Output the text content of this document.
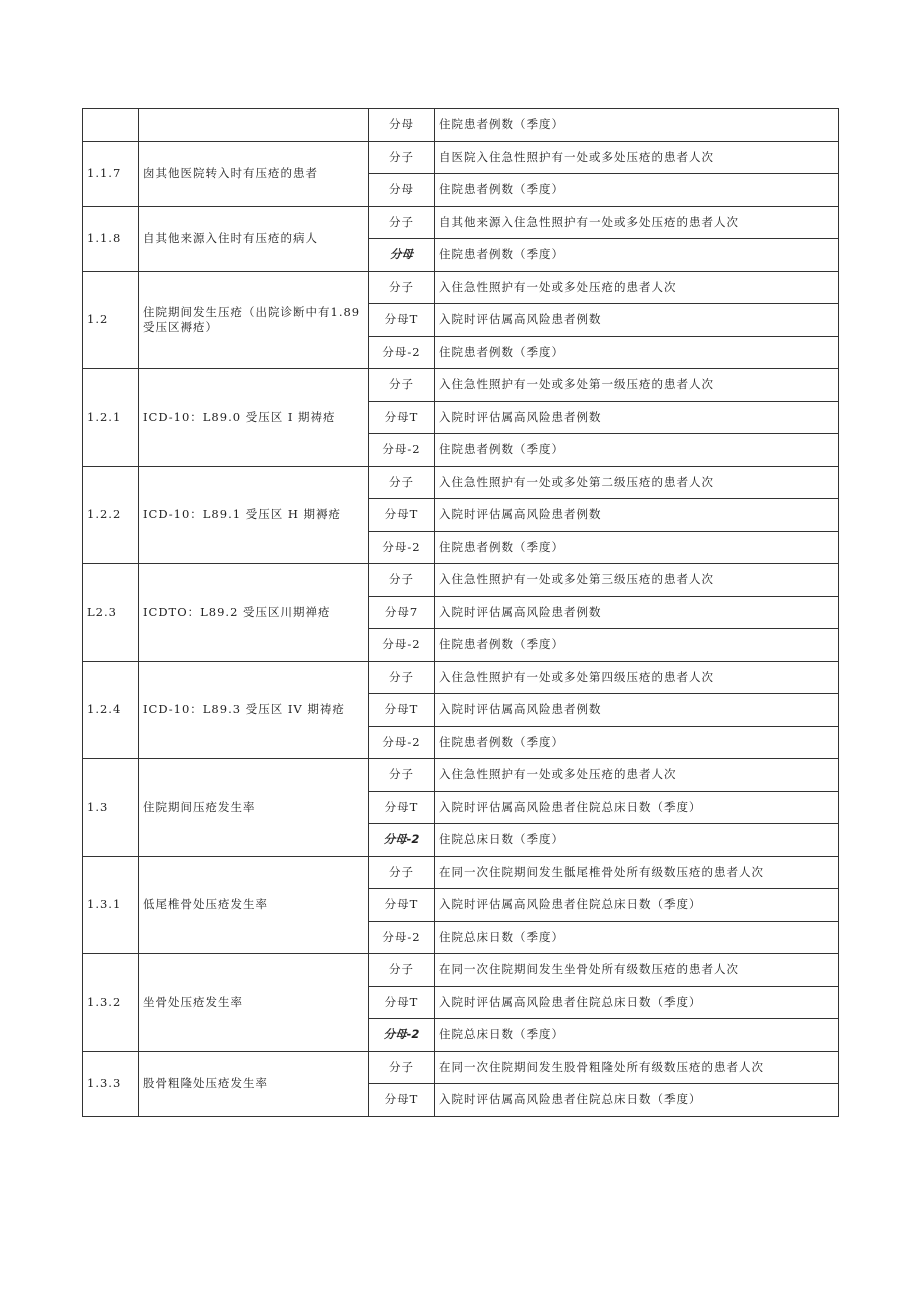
		分母	住院患者例数（季度）
1.1.7	囱其他医院转入时有压疮的患者	分子	自医院入住急性照护有一处或多处压疮的患者人次
		分母	住院患者例数（季度）
1.1.8	自其他来源入住时有压疮的病人	分子	自其他来源入住急性照护有一处或多处压疮的患者人次
		分母	住院患者例数（季度）
1.2	住院期间发生压疮（出院诊断中有1.89 受压区褥疮）	分子	入住急性照护有一处或多处压疮的患者人次
		分母T	入院时评估属高风险患者例数
		分母-2	住院患者例数（季度）
1.2.1	ICD-10：L89.0 受压区 I 期祷疮	分子	入住急性照护有一处或多处第一级压疮的患者人次
		分母T	入院时评估属高风险患者例数
		分母-2	住院患者例数（季度）
1.2.2	ICD-10：L89.1 受压区 H 期褥疮	分子	入住急性照护有一处或多处第二级压疮的患者人次
		分母T	入院时评估属高风险患者例数
		分母-2	住院患者例数（季度）
L2.3	ICDTO：L89.2 受压区川期禅疮	分子	入住急性照护有一处或多处第三级压疮的患者人次
		分母7	入院时评估属高风险患者例数
		分母-2	住院患者例数（季度）
1.2.4	ICD-10：L89.3 受压区 IV 期祷疮	分子	入住急性照护有一处或多处第四级压疮的患者人次
		分母T	入院时评估属高风险患者例数
		分母-2	住院患者例数（季度）
1.3	住院期间压疮发生率	分子	入住急性照护有一处或多处压疮的患者人次
		分母T	入院时评估属高风险患者住院总床日数（季度）
		分母-2	住院总床日数（季度）
1.3.1	低尾椎骨处压疮发生率	分子	在同一次住院期间发生骶尾椎骨处所有级数压疮的患者人次
		分母T	入院时评估属高风险患者住院总床日数（季度）
		分母-2	住院总床日数（季度）
1.3.2	坐骨处压疮发生率	分子	在同一次住院期间发生坐骨处所有级数压疮的患者人次
		分母T	入院时评估属高风险患者住院总床日数（季度）
		分母-2	住院总床日数（季度）
1.3.3	股骨粗隆处压疮发生率	分子	在同一次住院期间发生股骨粗隆处所有级数压疮的患者人次
		分母T	入院时评估属高风险患者住院总床日数（季度）
